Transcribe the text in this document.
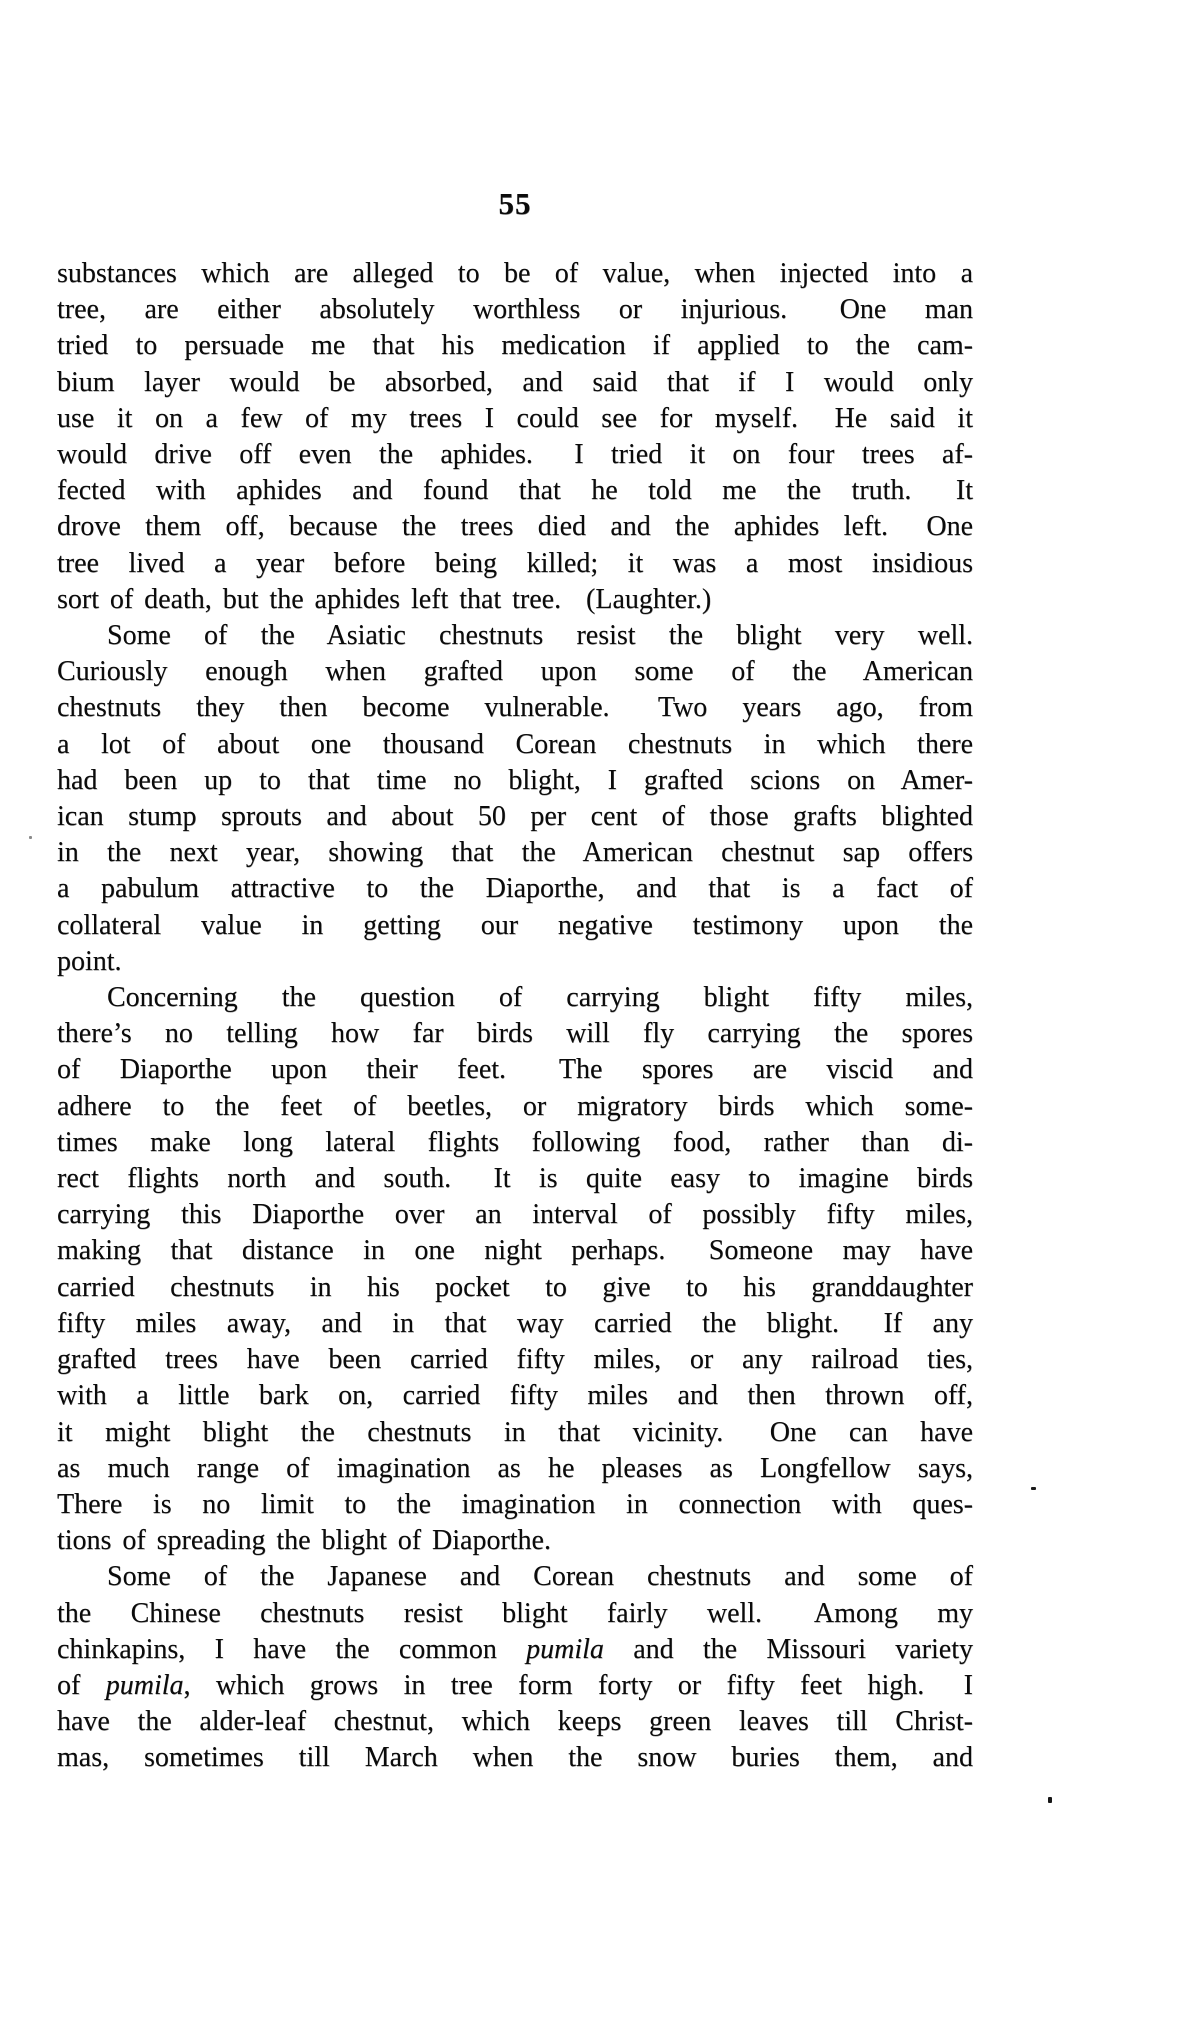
55
substances which are alleged to be of value, when injected into a
tree, are either absolutely worthless or injurious.  One man
tried to persuade me that his medication if applied to the cam-
bium layer would be absorbed, and said that if I would only
use it on a few of my trees I could see for myself.  He said it
would drive off even the aphides.  I tried it on four trees af-
fected with aphides and found that he told me the truth.  It
drove them off, because the trees died and the aphides left.  One
tree lived a year before being killed; it was a most insidious
sort of death, but the aphides left that tree.  (Laughter.)
Some of the Asiatic chestnuts resist the blight very well.
Curiously enough when grafted upon some of the American
chestnuts they then become vulnerable.  Two years ago, from
a lot of about one thousand Corean chestnuts in which there
had been up to that time no blight, I grafted scions on Amer-
ican stump sprouts and about 50 per cent of those grafts blighted
in the next year, showing that the American chestnut sap offers
a pabulum attractive to the Diaporthe, and that is a fact of
collateral value in getting our negative testimony upon the
point.
Concerning the question of carrying blight fifty miles,
there’s no telling how far birds will fly carrying the spores
of Diaporthe upon their feet.  The spores are viscid and
adhere to the feet of beetles, or migratory birds which some-
times make long lateral flights following food, rather than di-
rect flights north and south.  It is quite easy to imagine birds
carrying this Diaporthe over an interval of possibly fifty miles,
making that distance in one night perhaps.  Someone may have
carried chestnuts in his pocket to give to his granddaughter
fifty miles away, and in that way carried the blight.  If any
grafted trees have been carried fifty miles, or any railroad ties,
with a little bark on, carried fifty miles and then thrown off,
it might blight the chestnuts in that vicinity.  One can have
as much range of imagination as he pleases as Longfellow says,
There is no limit to the imagination in connection with ques-
tions of spreading the blight of Diaporthe.
Some of the Japanese and Corean chestnuts and some of
the Chinese chestnuts resist blight fairly well.  Among my
chinkapins, I have the common pumila and the Missouri variety
of pumila, which grows in tree form forty or fifty feet high.  I
have the alder-leaf chestnut, which keeps green leaves till Christ-
mas, sometimes till March when the snow buries them, and
